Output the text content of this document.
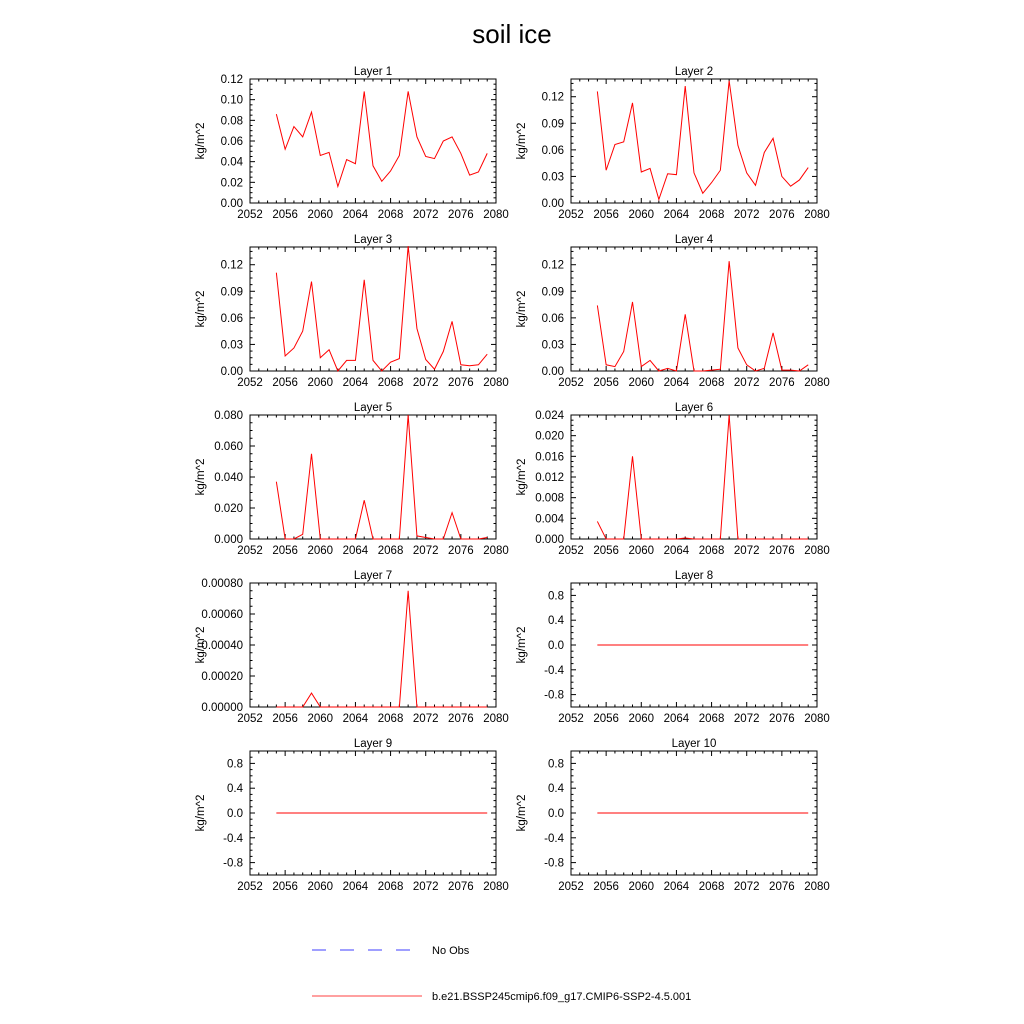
soil ice
Layer 1
kg/m^2
2052 2056 2060 2064 2068 2072 2076 2080
0.00
0.02
0.04
0.06
0.08
0.10
0.12
Layer 2
kg/m^2
2052 2056 2060 2064 2068 2072 2076 2080
0.00
0.03
0.06
0.09
0.12
Layer 3
kg/m^2
2052 2056 2060 2064 2068 2072 2076 2080
0.00
0.03
0.06
0.09
0.12
Layer 4
kg/m^2
2052 2056 2060 2064 2068 2072 2076 2080
0.00
0.03
0.06
0.09
0.12
Layer 5
kg/m^2
2052 2056 2060 2064 2068 2072 2076 2080
0.000
0.020
0.040
0.060
0.080
Layer 6
kg/m^2
2052 2056 2060 2064 2068 2072 2076 2080
0.000
0.004
0.008
0.012
0.016
0.020
0.024
Layer 7
kg/m^2
2052 2056 2060 2064 2068 2072 2076 2080
0.00000
0.00020
0.00040
0.00060
0.00080
Layer 8
kg/m^2
2052 2056 2060 2064 2068 2072 2076 2080
-0.8
-0.4
0.0
0.4
0.8
Layer 9
kg/m^2
2052 2056 2060 2064 2068 2072 2076 2080
-0.8
-0.4
0.0
0.4
0.8
Layer 10
kg/m^2
2052 2056 2060 2064 2068 2072 2076 2080
-0.8
-0.4
0.0
0.4
0.8
No Obs
b.e21.BSSP245cmip6.f09_g17.CMIP6-SSP2-4.5.001
